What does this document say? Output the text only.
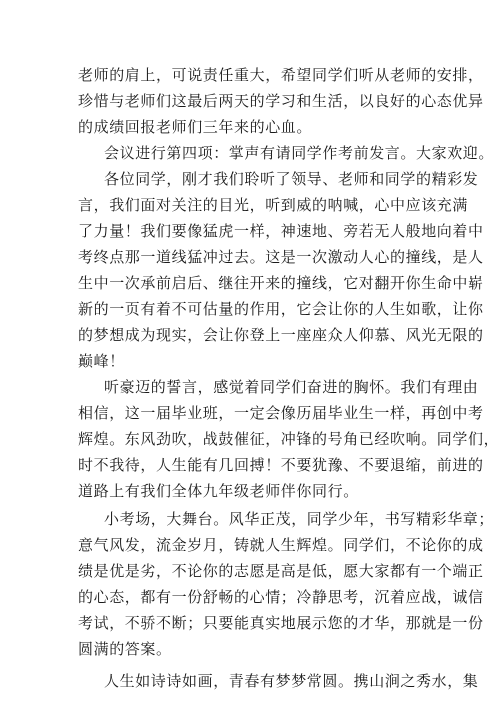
老师的肩上，可说责任重大，希望同学们听从老师的安排，
珍惜与老师们这最后两天的学习和生活，以良好的心态优异
的成绩回报老师们三年来的心血。
会议进行第四项：掌声有请同学作考前发言。大家欢迎。
各位同学，刚才我们聆听了领导、老师和同学的精彩发
言，我们面对关注的目光，听到威的呐喊，心中应该充满
了力量！我们要像猛虎一样，神速地、旁若无人般地向着中
考终点那一道线猛冲过去。这是一次激动人心的撞线，是人
生中一次承前启后、继往开来的撞线，它对翻开你生命中崭
新的一页有着不可估量的作用，它会让你的人生如歌，让你
的梦想成为现实，会让你登上一座座众人仰慕、风光无限的
巅峰！
听豪迈的誓言，感觉着同学们奋进的胸怀。我们有理由
相信，这一届毕业班，一定会像历届毕业生一样，再创中考
辉煌。东风劲吹，战鼓催征，冲锋的号角已经吹响。同学们，
时不我待，人生能有几回搏！不要犹豫、不要退缩，前进的
道路上有我们全体九年级老师伴你同行。
小考场，大舞台。风华正茂，同学少年，书写精彩华章；
意气风发，流金岁月，铸就人生辉煌。同学们，不论你的成
绩是优是劣，不论你的志愿是高是低，愿大家都有一个端正
的心态，都有一份舒畅的心情；冷静思考，沉着应战，诚信
考试，不骄不断；只要能真实地展示您的才华，那就是一份
圆满的答案。
人生如诗诗如画，青春有梦梦常圆。携山涧之秀水，集
